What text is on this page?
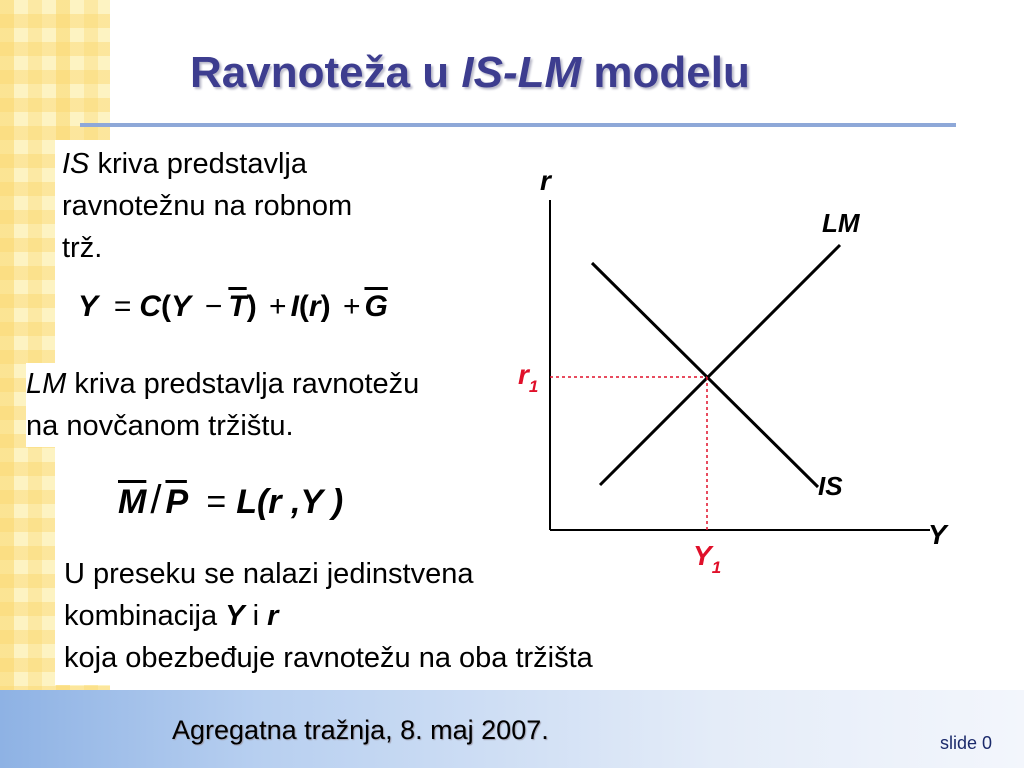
Ravnoteža u IS-LM modelu
IS kriva predstavlja
ravnotežnu na robnom
trž.
$Y = C(Y - \overline{T}) + I(r) + \overline{G}$
LM kriva predstavlja ravnotežu
na novčanom tržištu.
$\overline{M} / \overline{P} = L(r$ ,Y )
U preseku se nalazi jedinstvena
kombinacija Y i r
koja obezbeđuje ravnotežu na oba tržišta
r
Y
LM
IS
$r_1$
$Y_1$
Agregatna tražnja, 8. maj 2007.	slide 0
